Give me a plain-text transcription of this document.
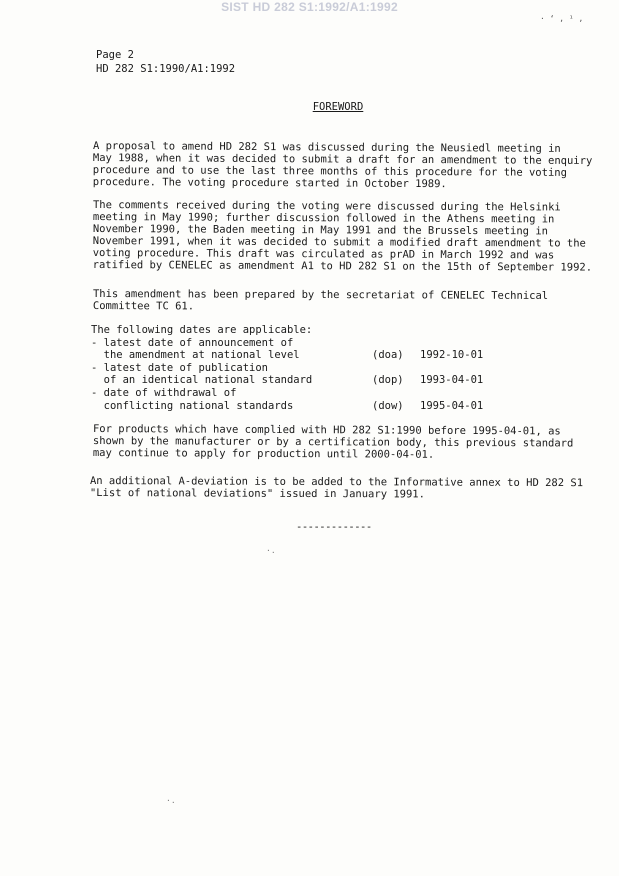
SIST HD 282 S1:1992/A1:1992
· ‘ , ¹ ,
Page 2
HD 282 S1:1990/A1:1992
FOREWORD
A proposal to amend HD 282 S1 was discussed during the Neusiedl meeting in
May 1988, when it was decided to submit a draft for an amendment to the enquiry
procedure and to use the last three months of this procedure for the voting
procedure. The voting procedure started in October 1989.
The comments received during the voting were discussed during the Helsinki
meeting in May 1990; further discussion followed in the Athens meeting in
November 1990, the Baden meeting in May 1991 and the Brussels meeting in
November 1991, when it was decided to submit a modified draft amendment to the
voting procedure. This draft was circulated as prAD in March 1992 and was
ratified by CENELEC as amendment A1 to HD 282 S1 on the 15th of September 1992.
This amendment has been prepared by the secretariat of CENELEC Technical
Committee TC 61.
The following dates are applicable:
- latest date of announcement of
the amendment at national level	(doa)	1992-10-01
- latest date of publication
of an identical national standard	(dop)	1993-04-01
- date of withdrawal of
conflicting national standards	(dow)	1995-04-01
For products which have complied with HD 282 S1:1990 before 1995-04-01, as
shown by the manufacturer or by a certification body, this previous standard
may continue to apply for production until 2000-04-01.
An additional A-deviation is to be added to the Informative annex to HD 282 S1
"List of national deviations" issued in January 1991.
-------------
·.
·.
